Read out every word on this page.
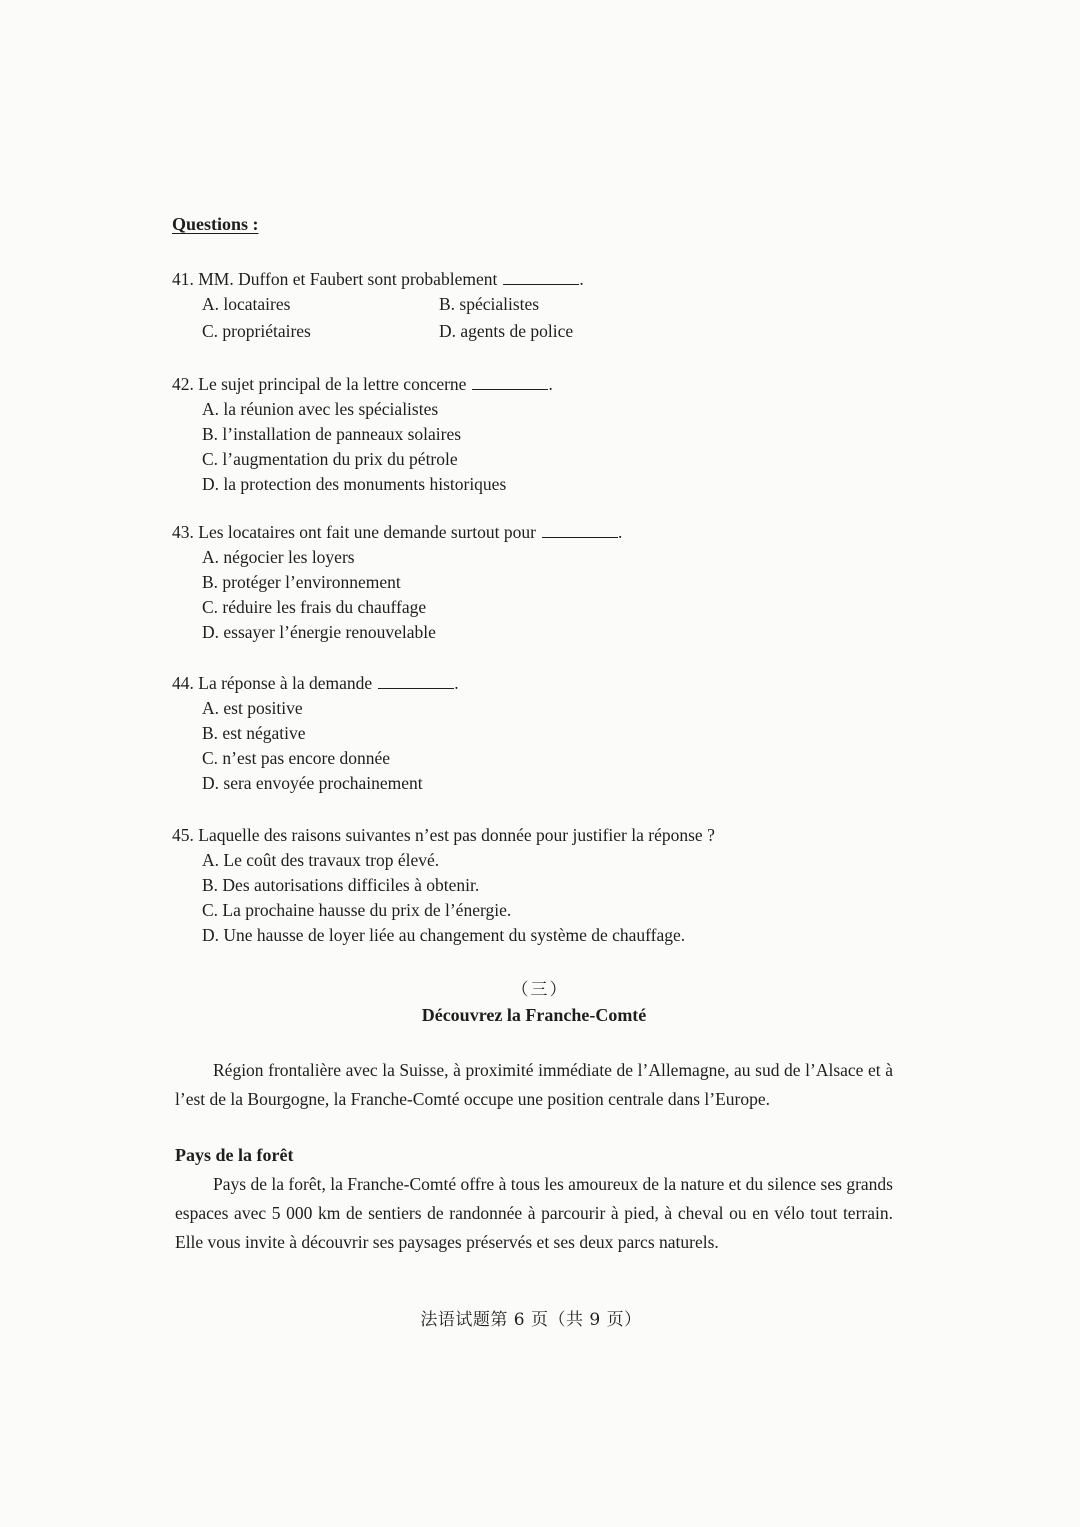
Questions :
41. MM. Duffon et Faubert sont probablement	.
A. locataires	B. spécialistes
C. propriétaires	D. agents de police
42. Le sujet principal de la lettre concerne	.
A. la réunion avec les spécialistes
B. l’installation de panneaux solaires
C. l’augmentation du prix du pétrole
D. la protection des monuments historiques
43. Les locataires ont fait une demande surtout pour	.
A. négocier les loyers
B. protéger l’environnement
C. réduire les frais du chauffage
D. essayer l’énergie renouvelable
44. La réponse à la demande	.
A. est positive
B. est négative
C. n’est pas encore donnée
D. sera envoyée prochainement
45. Laquelle des raisons suivantes n’est pas donnée pour justifier la réponse ?
A. Le coût des travaux trop élevé.
B. Des autorisations difficiles à obtenir.
C. La prochaine hausse du prix de l’énergie.
D. Une hausse de loyer liée au changement du système de chauffage.
（三）
Découvrez la Franche-Comté
Région frontalière avec la Suisse, à proximité immédiate de l’Allemagne, au sud de l’Alsace et à l’est de la Bourgogne, la Franche-Comté occupe une position centrale dans l’Europe.
Pays de la forêt
Pays de la forêt, la Franche-Comté offre à tous les amoureux de la nature et du silence ses grands espaces avec 5 000 km de sentiers de randonnée à parcourir à pied, à cheval ou en vélo tout terrain. Elle vous invite à découvrir ses paysages préservés et ses deux parcs naturels.
法语试题第 6 页（共 9 页）
